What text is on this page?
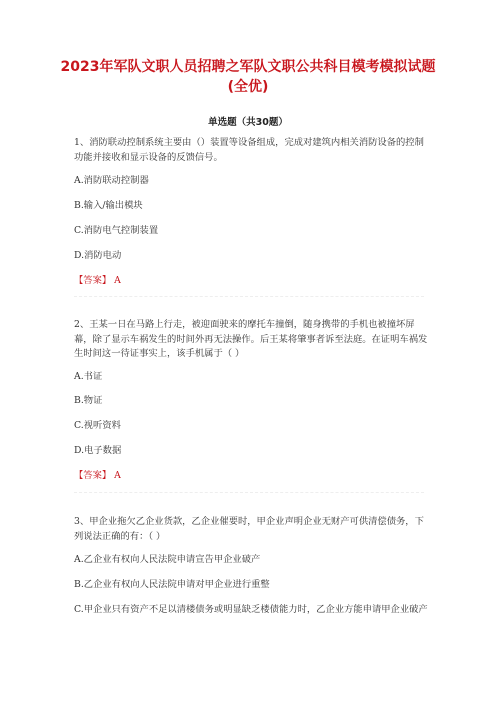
2023年军队文职人员招聘之军队文职公共科目模考模拟试题(全优)
单选题（共30题）
1、消防联动控制系统主要由（）装置等设备组成，完成对建筑内相关消防设备的控制功能并接收和显示设备的反馈信号。
A.消防联动控制器
B.输入/输出模块
C.消防电气控制装置
D.消防电动
【答案】 A
2、王某一日在马路上行走，被迎面驶来的摩托车撞倒，随身携带的手机也被撞坏屏幕，除了显示车祸发生的时间外再无法操作。后王某将肇事者诉至法庭。在证明车祸发生时间这一待证事实上，该手机属于（ ）
A.书证
B.物证
C.视听资料
D.电子数据
【答案】 A
3、甲企业拖欠乙企业货款，乙企业催要时，甲企业声明企业无财产可供清偿债务，下列说法正确的有：（ ）
A.乙企业有权向人民法院申请宣告甲企业破产
B.乙企业有权向人民法院申请对甲企业进行重整
C.甲企业只有资产不足以清楼债务或明显缺乏楼债能力时，乙企业方能申请甲企业破产
